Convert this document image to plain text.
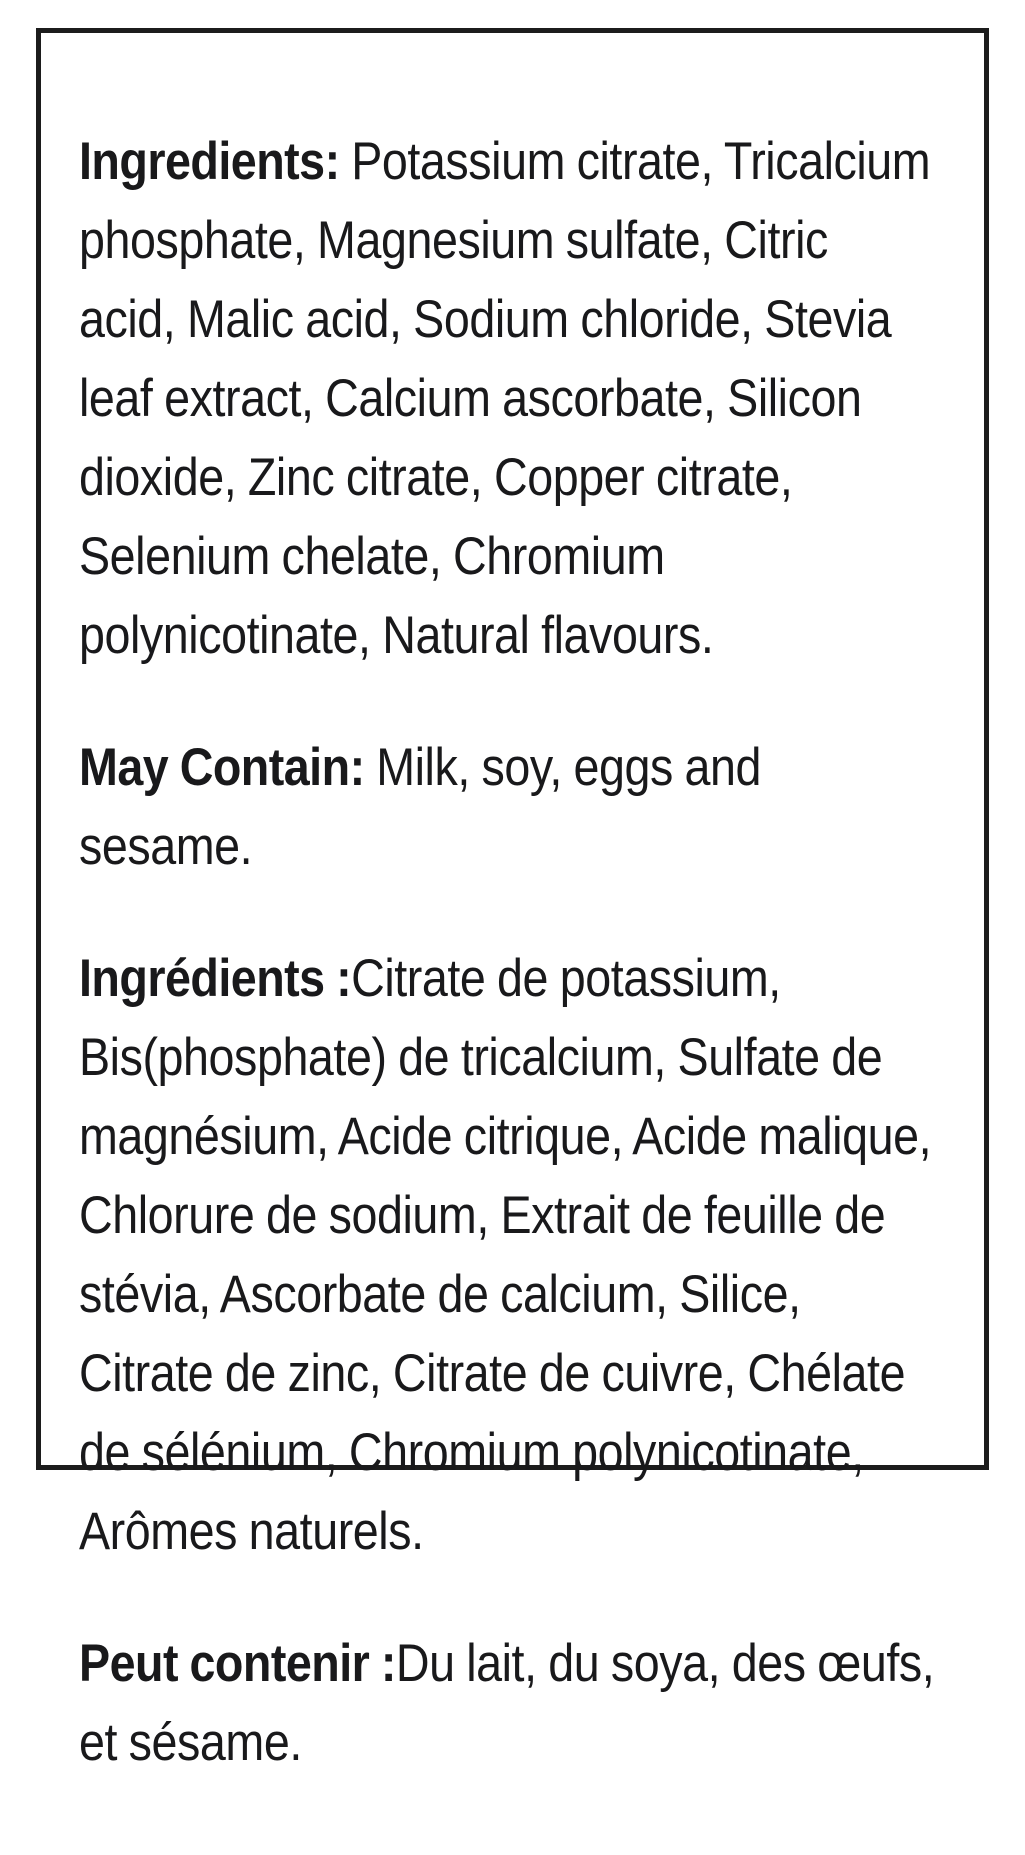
Ingredients: Potassium citrate, Tricalcium phosphate, Magnesium sulfate, Citric acid, Malic acid, Sodium chloride, Stevia leaf extract, Calcium ascorbate, Silicon dioxide, Zinc citrate, Copper citrate, Selenium chelate, Chromium polynicotinate, Natural flavours.

May Contain: Milk, soy, eggs and sesame.

Ingrédients :Citrate de potassium, Bis(phosphate) de tricalcium, Sulfate de magnésium, Acide citrique, Acide malique, Chlorure de sodium, Extrait de feuille de stévia, Ascorbate de calcium, Silice, Citrate de zinc, Citrate de cuivre, Chélate de sélénium, Chromium polynicotinate, Arômes naturels.

Peut contenir :Du lait, du soya, des œufs, et sésame.
